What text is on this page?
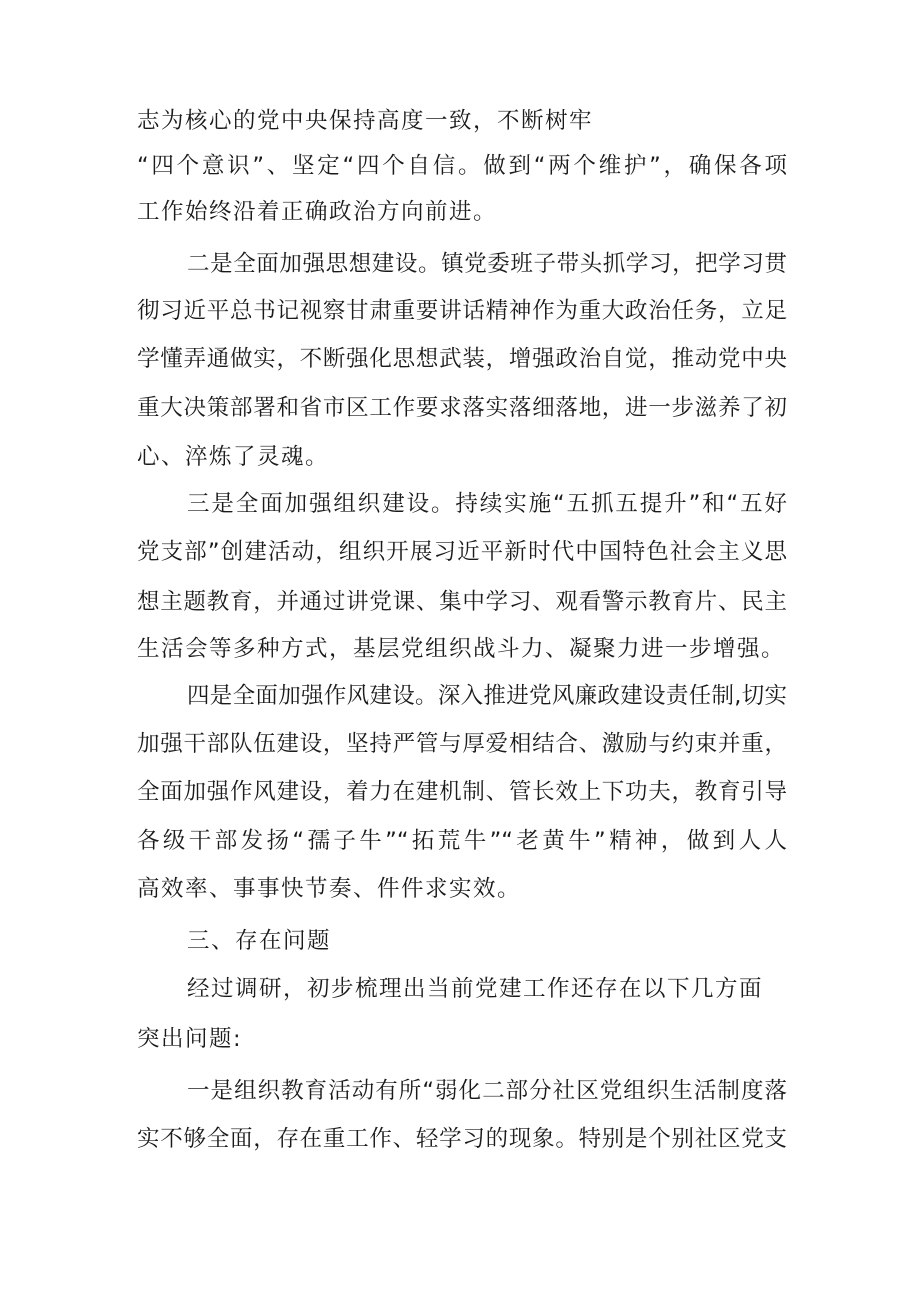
志为核心的党中央保持高度一致，不断树牢
“四个意识”、坚定“四个自信。做到“两个维护”，确保各项
工作始终沿着正确政治方向前进。
二是全面加强思想建设。镇党委班子带头抓学习，把学习贯
彻习近平总书记视察甘肃重要讲话精神作为重大政治任务，立足
学懂弄通做实，不断强化思想武装，增强政治自觉，推动党中央
重大决策部署和省市区工作要求落实落细落地，进一步滋养了初
心、淬炼了灵魂。
三是全面加强组织建设。持续实施“五抓五提升”和“五好
党支部”创建活动，组织开展习近平新时代中国特色社会主义思
想主题教育，并通过讲党课、集中学习、观看警示教育片、民主
生活会等多种方式，基层党组织战斗力、凝聚力进一步增强。
四是全面加强作风建设。深入推进党风廉政建设责任制,切实
加强干部队伍建设，坚持严管与厚爱相结合、激励与约束并重，
全面加强作风建设，着力在建机制、管长效上下功夫，教育引导
各级干部发扬“孺子牛”“拓荒牛”“老黄牛”精神，做到人人
高效率、事事快节奏、件件求实效。
三、存在问题
经过调研，初步梳理出当前党建工作还存在以下几方面
突出问题:
一是组织教育活动有所“弱化二部分社区党组织生活制度落
实不够全面，存在重工作、轻学习的现象。特别是个别社区党支
